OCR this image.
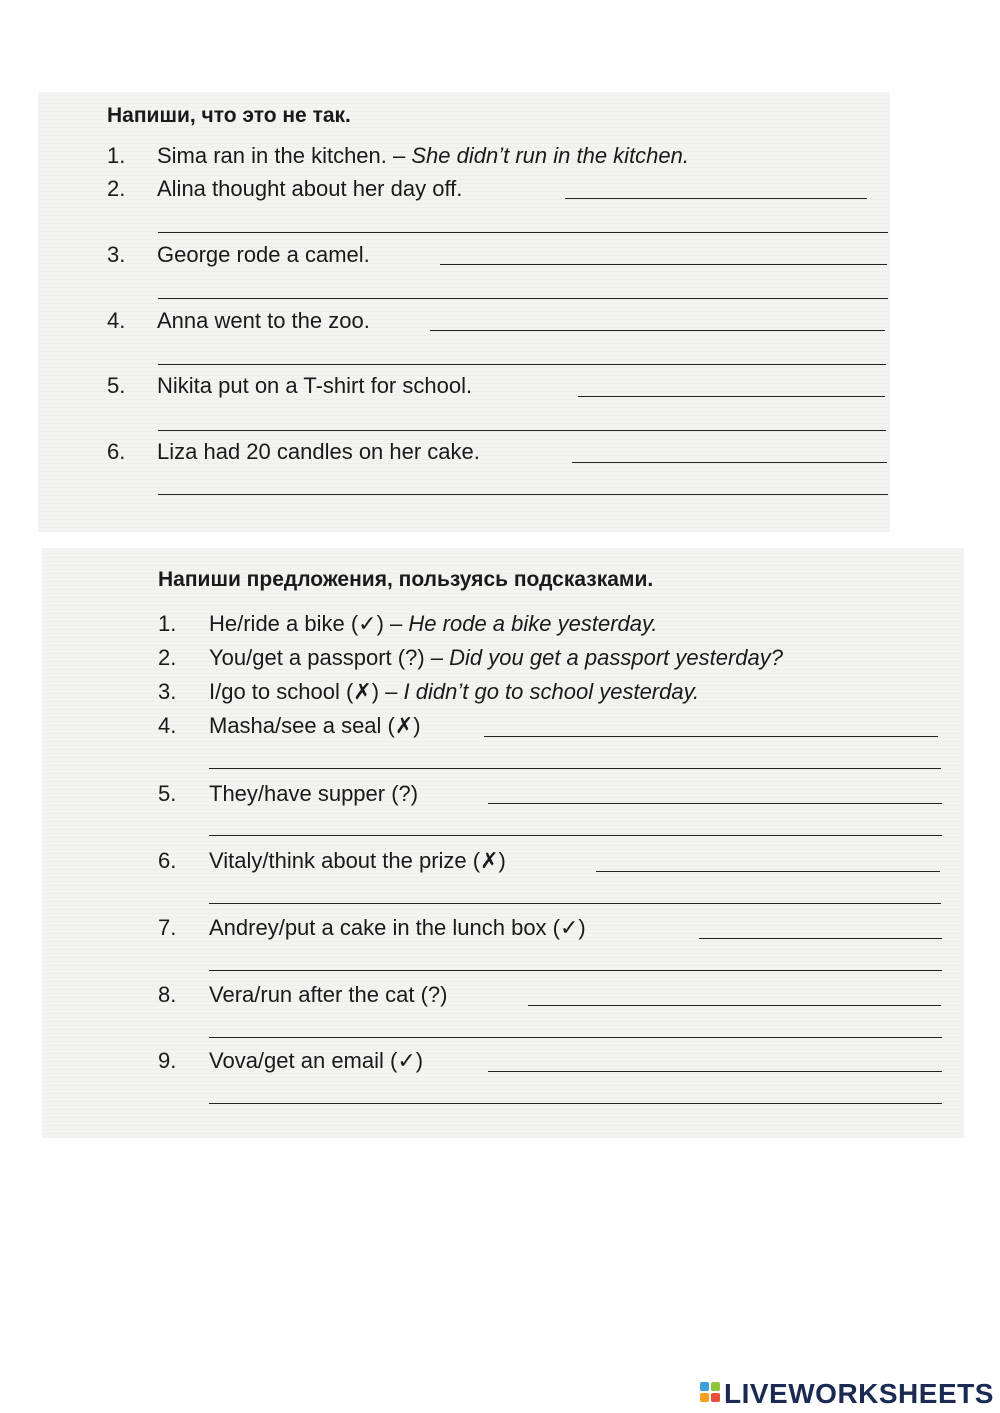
Напиши, что это не так.
1. Sima ran in the kitchen. – She didn’t run in the kitchen.
2. Alina thought about her day off.
3. George rode a camel.
4. Anna went to the zoo.
5. Nikita put on a T-shirt for school.
6. Liza had 20 candles on her cake.
Напиши предложения, пользуясь подсказками.
1. He/ride a bike (✓) – He rode a bike yesterday.
2. You/get a passport (?) – Did you get a passport yesterday?
3. I/go to school (✗) – I didn’t go to school yesterday.
4. Masha/see a seal (✗)
5. They/have supper (?)
6. Vitaly/think about the prize (✗)
7. Andrey/put a cake in the lunch box (✓)
8. Vera/run after the cat (?)
9. Vova/get an email (✓)
LIVEWORKSHEETS
